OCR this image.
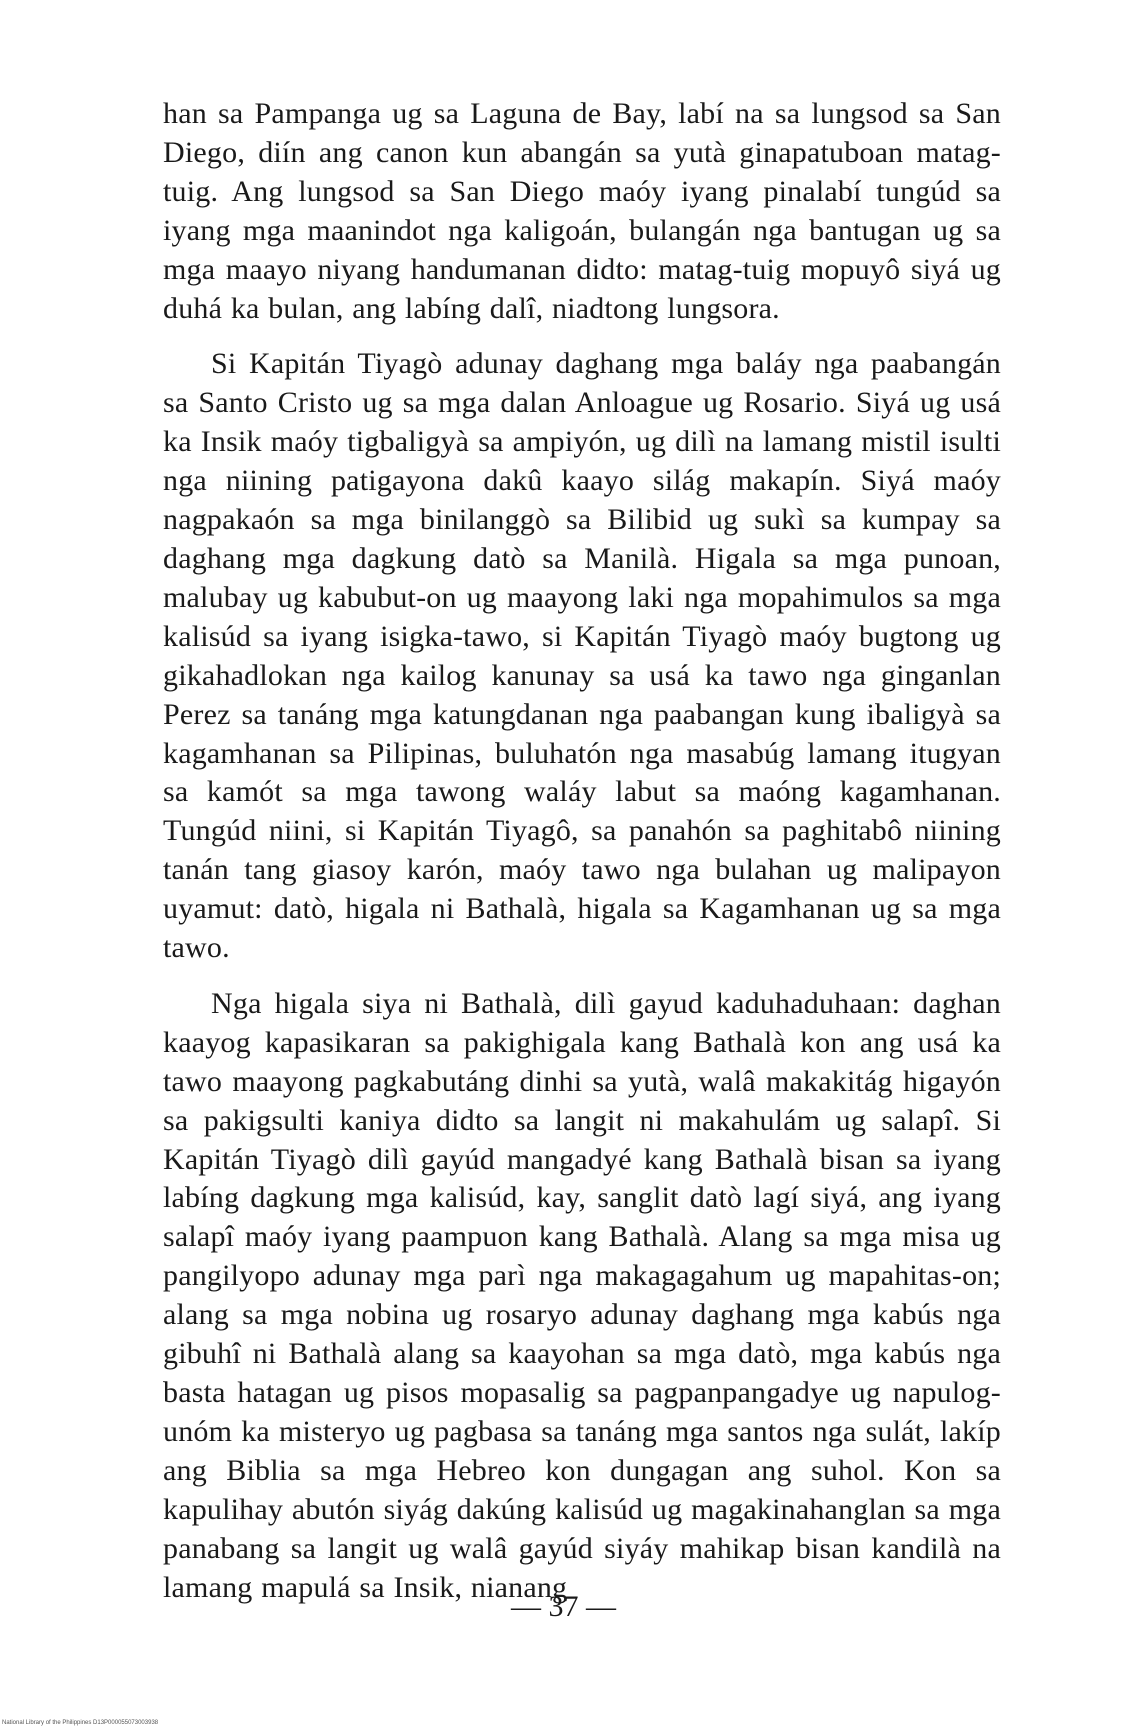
han sa Pampanga ug sa Laguna de Bay, labí na sa lungsod sa San Diego, diín ang canon kun abangán sa yutà ginapatuboan matag-tuig. Ang lungsod sa San Diego maóy iyang pinalabí tungúd sa iyang mga maanindot nga kaligoán, bulangán nga bantugan ug sa mga maayo niyang handumanan didto: matag-tuig mopuyô siyá ug duhá ka bulan, ang labíng dalî, niadtong lungsora.

Si Kapitán Tiyagò adunay daghang mga baláy nga paabangán sa Santo Cristo ug sa mga dalan Anloague ug Rosario. Siyá ug usá ka Insik maóy tigbaligyà sa ampiyón, ug dilì na lamang mistil isulti nga niining patigayona dakû kaayo silág makapín. Siyá maóy nagpakaón sa mga binilanggò sa Bilibid ug sukì sa kumpay sa daghang mga dagkung datò sa Manilà. Higala sa mga punoan, malubay ug kabubut-on ug maayong laki nga mopahimulos sa mga kalisúd sa iyang isigka-tawo, si Kapitán Tiyagò maóy bugtong ug gikahadlokan nga kailog kanunay sa usá ka tawo nga ginganlan Perez sa tanáng mga katungdanan nga paabangan kung ibaligyà sa kagamhanan sa Pilipinas, buluhatón nga masabúg lamang itugyan sa kamót sa mga tawong waláy labut sa maóng kagamhanan. Tungúd niini, si Kapitán Tiyagô, sa panahón sa paghitabô niining tanán tang giasoy karón, maóy tawo nga bulahan ug malipayon uyamut: datò, higala ni Bathalà, higala sa Kagamhanan ug sa mga tawo.

Nga higala siya ni Bathalà, dilì gayud kaduhaduhaan: daghan kaayog kapasikaran sa pakighigala kang Bathalà kon ang usá ka tawo maayong pagkabutáng dinhi sa yutà, walâ makakitág higayón sa pakigsulti kaniya didto sa langit ni makahulám ug salapî. Si Kapitán Tiyagò dilì gayúd mangadyé kang Bathalà bisan sa iyang labíng dagkung mga kalisúd, kay, sanglit datò lagí siyá, ang iyang salapî maóy iyang paampuon kang Bathalà. Alang sa mga misa ug pangilyopo adunay mga parì nga makagagahum ug mapahitas-on; alang sa mga nobina ug rosaryo adunay daghang mga kabús nga gibuhî ni Bathalà alang sa kaayohan sa mga datò, mga kabús nga basta hatagan ug pisos mopasalig sa pagpanpangadye ug napulog-unóm ka misteryo ug pagbasa sa tanáng mga santos nga sulát, lakíp ang Biblia sa mga Hebreo kon dungagan ang suhol. Kon sa kapulihay abutón siyág dakúng kalisúd ug magakinahanglan sa mga panabang sa langit ug walâ gayúd siyáy mahikap bisan kandilà na lamang mapulá sa Insik, nianang

— 37 —
National Library of the Philippines D13P000055073003938
